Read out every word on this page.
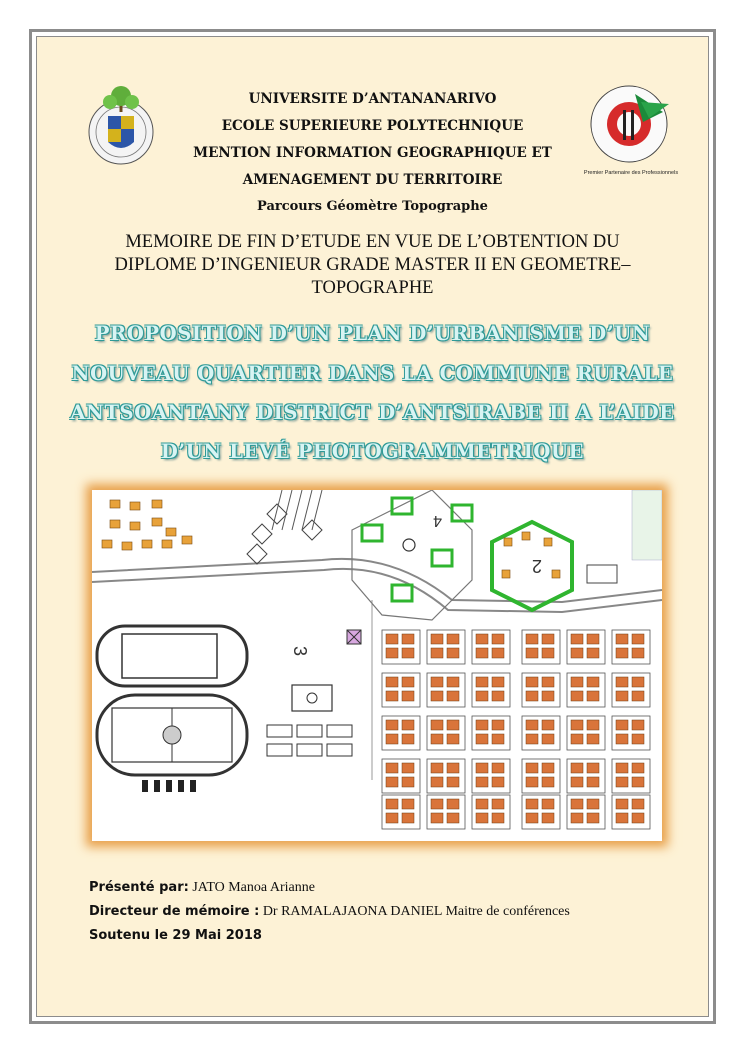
Premier Partenaire des Professionnels
UNIVERSITE D’ANTANANARIVO
ECOLE SUPERIEURE POLYTECHNIQUE
MENTION INFORMATION GEOGRAPHIQUE ET
AMENAGEMENT DU TERRITOIRE
Parcours Géomètre Topographe
MEMOIRE DE FIN D’ETUDE EN VUE DE L’OBTENTION DU
DIPLOME D’INGENIEUR GRADE MASTER II EN GEOMETRE–
TOPOGRAPHE
PROPOSITION D’UN PLAN D’URBANISME D’UN
NOUVEAU QUARTIER DANS LA COMMUNE RURALE
ANTSOANTANY DISTRICT D’ANTSIRABE II A L’AIDE
D’UN LEVÉ PHOTOGRAMMETRIQUE
4
2
3
Présenté par: JATO Manoa Arianne
Directeur de mémoire : Dr RAMALAJAONA DANIEL Maitre de conférences
Soutenu le 29 Mai 2018
